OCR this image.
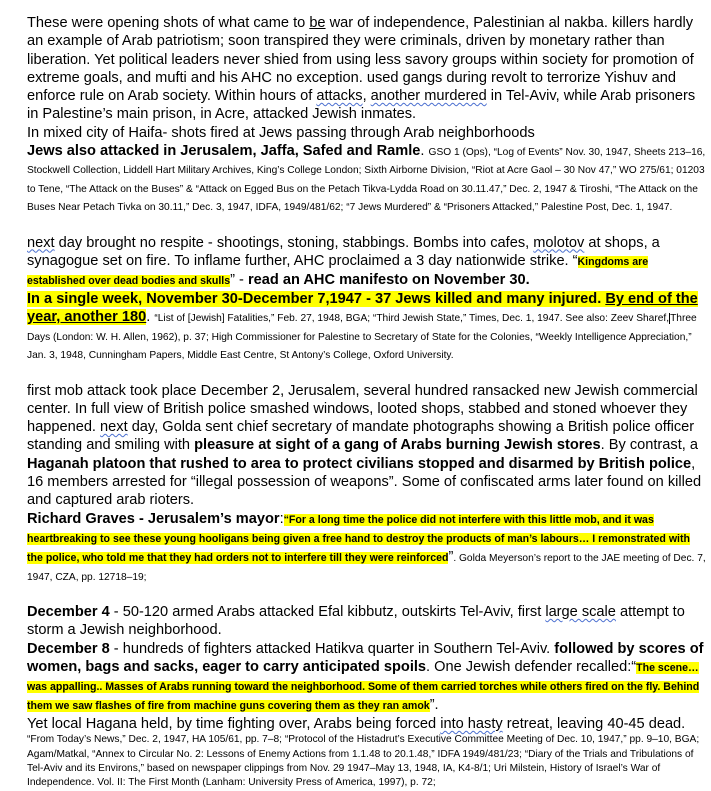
These were opening shots of what came to be war of independence, Palestinian al nakba. killers hardly an example of Arab patriotism; soon transpired they were criminals, driven by monetary rather than liberation. Yet political leaders never shied from using less savory groups within society for promotion of extreme goals, and mufti and his AHC no exception. used gangs during revolt to terrorize Yishuv and enforce rule on Arab society. Within hours of attacks, another murdered in Tel-Aviv, while Arab prisoners in Palestine’s main prison, in Acre, attacked Jewish inmates.

In mixed city of Haifa- shots fired at Jews passing through Arab neighborhoods

Jews also attacked in Jerusalem, Jaffa, Safed and Ramle. GSO 1 (Ops), “Log of Events” Nov. 30, 1947, Sheets 213–16, Stockwell Collection, Liddell Hart Military Archives, King’s College London; Sixth Airborne Division, “Riot at Acre Gaol – 30 Nov 47,” WO 275/61; 01203 to Tene, “The Attack on the Buses” & “Attack on Egged Bus on the Petach Tikva-Lydda Road on 30.11.47,” Dec. 2, 1947 & Tiroshi, “The Attack on the Buses Near Petach Tivka on 30.11,” Dec. 3, 1947, IDFA, 1949/481/62; “7 Jews Murdered” & “Prisoners Attacked,” Palestine Post, Dec. 1, 1947.

next day brought no respite - shootings, stoning, stabbings. Bombs into cafes, molotov at shops, a synagogue set on fire. To inflame further, AHC proclaimed a 3 day nationwide strike. “Kingdoms are established over dead bodies and skulls” - read an AHC manifesto on November 30.

In a single week, November 30-December 7,1947 - 37 Jews killed and many injured. By end of the year, another 180. “List of [Jewish] Fatalities,” Feb. 27, 1948, BGA; “Third Jewish State,” Times, Dec. 1, 1947. See also: Zeev Sharef,Three Days (London: W. H. Allen, 1962), p. 37; High Commissioner for Palestine to Secretary of State for the Colonies, “Weekly Intelligence Appreciation,” Jan. 3, 1948, Cunningham Papers, Middle East Centre, St Antony’s College, Oxford University.

first mob attack took place December 2, Jerusalem, several hundred ransacked new Jewish commercial center. In full view of British police smashed windows, looted shops, stabbed and stoned whoever they happened. next day, Golda sent chief secretary of mandate photographs showing a British police officer standing and smiling with pleasure at sight of a gang of Arabs burning Jewish stores. By contrast, a Haganah platoon that rushed to area to protect civilians stopped and disarmed by British police, 16 members arrested for “illegal possession of weapons”. Some of confiscated arms later found on killed and captured arab rioters.

Richard Graves - Jerusalem’s mayor:“For a long time the police did not interfere with this little mob, and it was heartbreaking to see these young hooligans being given a free hand to destroy the products of man’s labours… I remonstrated with the police, who told me that they had orders not to interfere till they were reinforced”. Golda Meyerson’s report to the JAE meeting of Dec. 7, 1947, CZA, pp. 12718–19;

December 4 - 50-120 armed Arabs attacked Efal kibbutz, outskirts Tel-Aviv, first large scale attempt to storm a Jewish neighborhood.

December 8 - hundreds of fighters attacked Hatikva quarter in Southern Tel-Aviv. followed by scores of women, bags and sacks, eager to carry anticipated spoils. One Jewish defender recalled:“The scene… was appalling.. Masses of Arabs running toward the neighborhood. Some of them carried torches while others fired on the fly. Behind them we saw flashes of fire from machine guns covering them as they ran amok”.

Yet local Hagana held, by time fighting over, Arabs being forced into hasty retreat, leaving 40-45 dead.

“From Today’s News,” Dec. 2, 1947, HA 105/61, pp. 7–8; “Protocol of the Histadrut’s Executive Committee Meeting of Dec. 10, 1947,” pp. 9–10, BGA; Agam/Matkal, “Annex to Circular No. 2: Lessons of Enemy Actions from 1.1.48 to 20.1.48,” IDFA 1949/481/23; “Diary of the Trials and Tribulations of Tel-Aviv and its Environs,” based on newspaper clippings from Nov. 29 1947–May 13, 1948, IA, K4-8/1; Uri Milstein, History of Israel’s War of Independence. Vol. II: The First Month (Lanham: University Press of America, 1997), p. 72;
